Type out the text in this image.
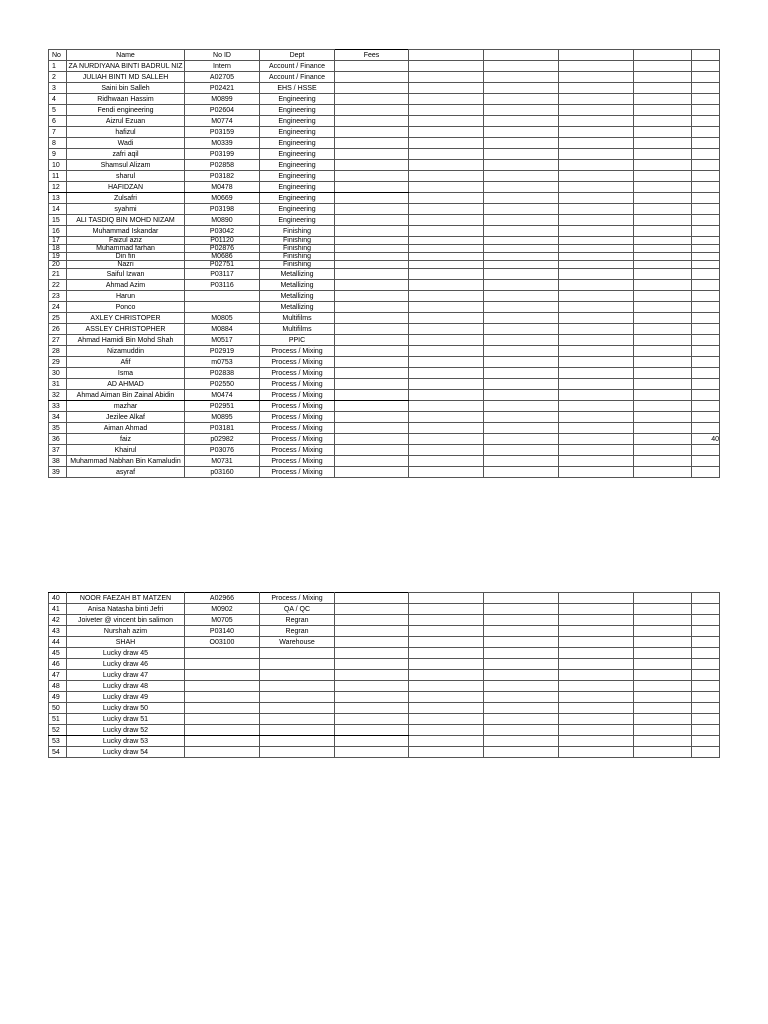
No	Name	No ID	Dept	Fees					
1	ZA NURDIYANA BINTI BADRUL NIZ	Intern	Account / Finance						
2	JULIAH BINTI MD SALLEH	A02705	Account / Finance						
3	Saini bin Salleh	P02421	EHS / HSSE						
4	Ridhwaan Hassim	M0899	Engineering						
5	Fendi engineering	P02604	Engineering						
6	Aizrul Ezuan	M0774	Engineering						
7	hafizul	P03159	Engineering						
8	Wadi	M0339	Engineering						
9	zafri aqil	P03199	Engineering						
10	Shamsul Alizam	P02858	Engineering						
11	sharul	P03182	Engineering						
12	HAFIDZAN	M0478	Engineering						
13	Zulsafri	M0669	Engineering						
14	syahmi	P03198	Engineering						
15	ALI TASDIQ BIN MOHD NIZAM	M0890	Engineering						
16	Muhammad Iskandar	P03042	Finishing						
17	Faizul aziz	P01120	Finishing						
18	Muhammad farhan	P02876	Finishing						
19	Din fin	M0686	Finishing						
20	Nazri	P02751	Finishing						
21	Saiful Izwan	P03117	Metallizing						
22	Ahmad Azim	P03116	Metallizing						
23	Harun		Metallizing						
24	Ponco		Metallizing						
25	AXLEY CHRISTOPER	M0805	Multifilms						
26	ASSLEY CHRISTOPHER	M0884	Multifilms						
27	Ahmad Hamidi Bin Mohd Shah	M0517	PPIC						
28	Nizamuddin	P02919	Process / Mixing						
29	Afif	m0753	Process / Mixing						
30	Isma	P02838	Process / Mixing						
31	AD AHMAD	P02550	Process / Mixing						
32	Ahmad Aiman Bin Zainal Abidin	M0474	Process / Mixing						
33	mazhar	P02951	Process / Mixing						
34	Jezilee Alkaf	M0895	Process / Mixing						
35	Aiman Ahmad	P03181	Process / Mixing						
36	faiz	p02982	Process / Mixing						40
37	Khairul	P03076	Process / Mixing						
38	Muhammad Nabhan Bin Kamaludin	M0731	Process / Mixing						
39	asyraf	p03160	Process / Mixing						
40	NOOR FAEZAH BT MATZEN	A02966	Process / Mixing						
41	Anisa Natasha binti Jefri	M0902	QA / QC						
42	Joiveter @ vincent bin salimon	M0705	Regran						
43	Nurshah azim	P03140	Regran						
44	SHAH	O03100	Warehouse						
45	Lucky draw 45								
46	Lucky draw 46								
47	Lucky draw 47								
48	Lucky draw 48								
49	Lucky draw 49								
50	Lucky draw 50								
51	Lucky draw 51								
52	Lucky draw 52								
53	Lucky draw 53								
54	Lucky draw 54								
